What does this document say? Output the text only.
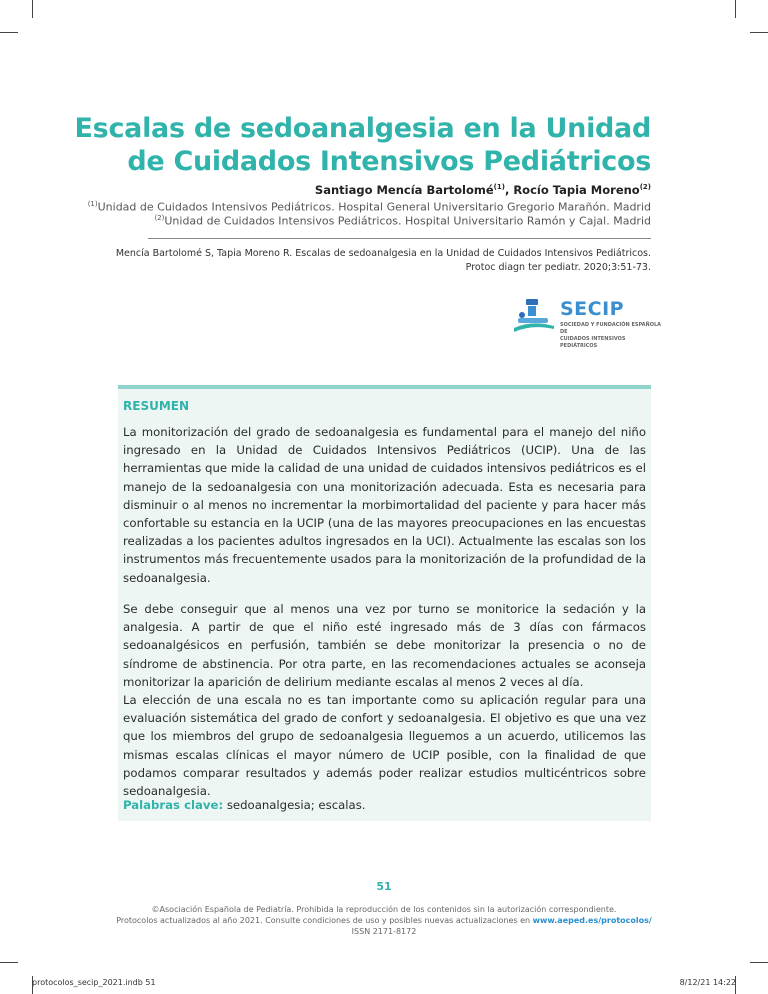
Escalas de sedoanalgesia en la Unidad
de Cuidados Intensivos Pediátricos
Santiago Mencía Bartolomé$^{(1)}$, Rocío Tapia Moreno$^{(2)}$
$^{(1)}$Unidad de Cuidados Intensivos Pediátricos. Hospital General Universitario Gregorio Marañón. Madrid
$^{(2)}$Unidad de Cuidados Intensivos Pediátricos. Hospital Universitario Ramón y Cajal. Madrid
Mencía Bartolomé S, Tapia Moreno R. Escalas de sedoanalgesia en la Unidad de Cuidados Intensivos Pediátricos.
Protoc diagn ter pediatr. 2020;3:51-73.
SECIP
SOCIEDAD Y FUNDACIÓN ESPAÑOLA DE
CUIDADOS INTENSIVOS PEDIÁTRICOS
RESUMEN

La monitorización del grado de sedoanalgesia es fundamental para el manejo del niño ingresado en la Unidad de Cuidados Intensivos Pediátricos (UCIP). Una de las herramientas que mide la calidad de una unidad de cuidados intensivos pediátricos es el manejo de la sedoanalgesia con una monitorización adecuada. Esta es necesaria para disminuir o al menos no incrementar la morbimortalidad del paciente y para hacer más confortable su estancia en la UCIP (una de las mayores preocupaciones en las encuestas realizadas a los pacientes adultos ingresados en la UCI). Actualmente las escalas son los instrumentos más frecuentemente usados para la monitorización de la profundidad de la sedoanalgesia.

Se debe conseguir que al menos una vez por turno se monitorice la sedación y la analgesia. A partir de que el niño esté ingresado más de 3 días con fármacos sedoanalgésicos en perfusión, también se debe monitorizar la presencia o no de síndrome de abstinencia. Por otra parte, en las recomendaciones actuales se aconseja monitorizar la aparición de delirium mediante escalas al menos 2 veces al día.

La elección de una escala no es tan importante como su aplicación regular para una evaluación sistemática del grado de confort y sedoanalgesia. El objetivo es que una vez que los miembros del grupo de sedoanalgesia lleguemos a un acuerdo, utilicemos las mismas escalas clínicas el mayor número de UCIP posible, con la finalidad de que podamos comparar resultados y además poder realizar estudios multicéntricos sobre sedoanalgesia.

Palabras clave: sedoanalgesia; escalas.
51
©Asociación Española de Pediatría. Prohibida la reproducción de los contenidos sin la autorización correspondiente.
Protocolos actualizados al año 2021. Consulte condiciones de uso y posibles nuevas actualizaciones en www.aeped.es/protocolos/
ISSN 2171-8172
protocolos_secip_2021.indb 51	8/12/21 14:22
